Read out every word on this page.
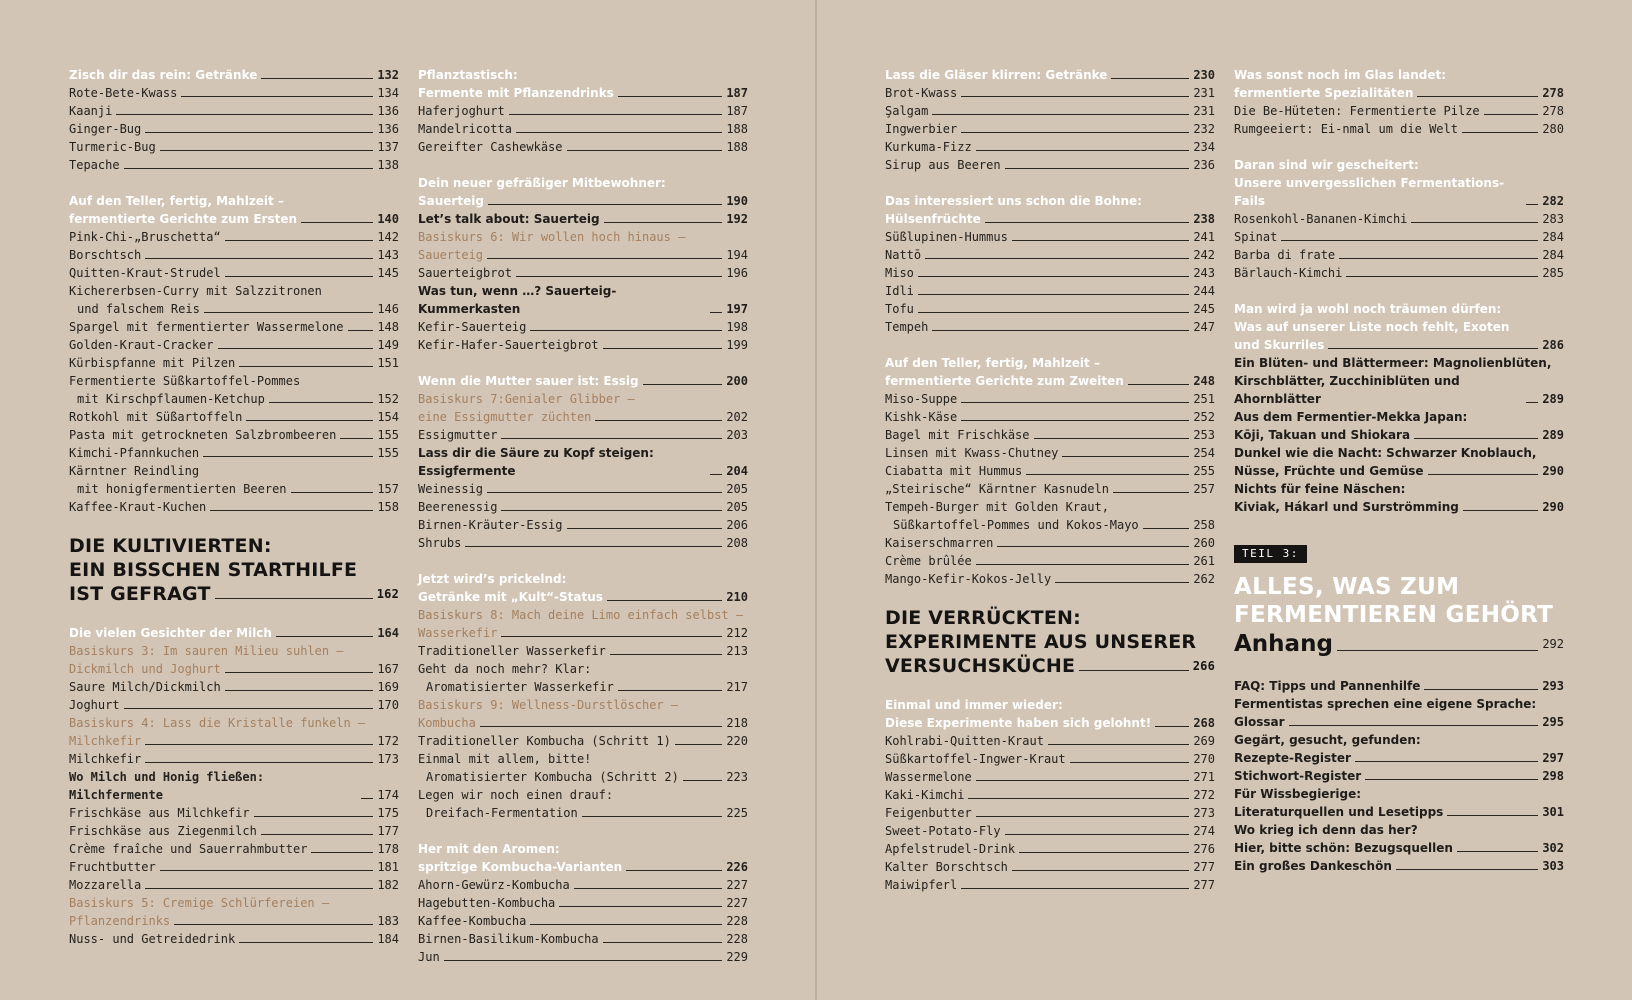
Zisch dir das rein: Getränke	132
Rote-Bete-Kwass	134
Kaanji	136
Ginger-Bug	136
Turmeric-Bug	137
Tepache	138
Auf den Teller, fertig, Mahlzeit –
fermentierte Gerichte zum Ersten	140
Pink-Chi-„Bruschetta“	142
Borschtsch	143
Quitten-Kraut-Strudel	145
Kichererbsen-Curry mit Salzzitronen
und falschem Reis	146
Spargel mit fermentierter Wassermelone	148
Golden-Kraut-Cracker	149
Kürbispfanne mit Pilzen	151
Fermentierte Süßkartoffel-Pommes
mit Kirschpflaumen-Ketchup	152
Rotkohl mit Süßartoffeln	154
Pasta mit getrockneten Salzbrombeeren	155
Kimchi-Pfannkuchen	155
Kärntner Reindling
mit honigfermentierten Beeren	157
Kaffee-Kraut-Kuchen	158
DIE KULTIVIERTEN:
EIN BISSCHEN STARTHILFE
IST GEFRAGT	162
Die vielen Gesichter der Milch	164
Basiskurs 3: Im sauren Milieu suhlen –
Dickmilch und Joghurt	167
Saure Milch/Dickmilch	169
Joghurt	170
Basiskurs 4: Lass die Kristalle funkeln –
Milchkefir	172
Milchkefir	173
Wo Milch und Honig fließen: Milchfermente	174
Frischkäse aus Milchkefir	175
Frischkäse aus Ziegenmilch	177
Crème fraîche und Sauerrahmbutter	178
Fruchtbutter	181
Mozzarella	182
Basiskurs 5: Cremige Schlürfereien –
Pflanzendrinks	183
Nuss- und Getreidedrink	184
Pflanztastisch:
Fermente mit Pflanzendrinks	187
Haferjoghurt	187
Mandelricotta	188
Gereifter Cashewkäse	188
Dein neuer gefräßiger Mitbewohner:
Sauerteig	190
Let’s talk about: Sauerteig	192
Basiskurs 6: Wir wollen hoch hinaus –
Sauerteig	194
Sauerteigbrot	196
Was tun, wenn …? Sauerteig-Kummerkasten	197
Kefir-Sauerteig	198
Kefir-Hafer-Sauerteigbrot	199
Wenn die Mutter sauer ist: Essig	200
Basiskurs 7:Genialer Glibber –
eine Essigmutter züchten	202
Essigmutter	203
Lass dir die Säure zu Kopf steigen: Essigfermente	204
Weinessig	205
Beerenessig	205
Birnen-Kräuter-Essig	206
Shrubs	208
Jetzt wird’s prickelnd:
Getränke mit „Kult“-Status	210
Basiskurs 8: Mach deine Limo einfach selbst –
Wasserkefir	212
Traditioneller Wasserkefir	213
Geht da noch mehr? Klar:
Aromatisierter Wasserkefir	217
Basiskurs 9: Wellness-Durstlöscher –
Kombucha	218
Traditioneller Kombucha (Schritt 1)	220
Einmal mit allem, bitte!
Aromatisierter Kombucha (Schritt 2)	223
Legen wir noch einen drauf:
Dreifach-Fermentation	225
Her mit den Aromen:
spritzige Kombucha-Varianten	226
Ahorn-Gewürz-Kombucha	227
Hagebutten-Kombucha	227
Kaffee-Kombucha	228
Birnen-Basilikum-Kombucha	228
Jun	229
Lass die Gläser klirren: Getränke	230
Brot-Kwass	231
Şalgam	231
Ingwerbier	232
Kurkuma-Fizz	234
Sirup aus Beeren	236
Das interessiert uns schon die Bohne:
Hülsenfrüchte	238
Süßlupinen-Hummus	241
Nattō	242
Miso	243
Idli	244
Tofu	245
Tempeh	247
Auf den Teller, fertig, Mahlzeit –
fermentierte Gerichte zum Zweiten	248
Miso-Suppe	251
Kishk-Käse	252
Bagel mit Frischkäse	253
Linsen mit Kwass-Chutney	254
Ciabatta mit Hummus	255
„Steirische“ Kärntner Kasnudeln	257
Tempeh-Burger mit Golden Kraut,
Süßkartoffel-Pommes und Kokos-Mayo	258
Kaiserschmarren	260
Crème brûlée	261
Mango-Kefir-Kokos-Jelly	262
DIE VERRÜCKTEN:
EXPERIMENTE AUS UNSERER
VERSUCHSKÜCHE	266
Einmal und immer wieder:
Diese Experimente haben sich gelohnt!	268
Kohlrabi-Quitten-Kraut	269
Süßkartoffel-Ingwer-Kraut	270
Wassermelone	271
Kaki-Kimchi	272
Feigenbutter	273
Sweet-Potato-Fly	274
Apfelstrudel-Drink	276
Kalter Borschtsch	277
Maiwipferl	277
Was sonst noch im Glas landet:
fermentierte Spezialitäten	278
Die Be-Hüteten: Fermentierte Pilze	278
Rumgeeiert: Ei-nmal um die Welt	280
Daran sind wir gescheitert:
Unsere unvergesslichen Fermentations-Fails	282
Rosenkohl-Bananen-Kimchi	283
Spinat	284
Barba di frate	284
Bärlauch-Kimchi	285
Man wird ja wohl noch träumen dürfen:
Was auf unserer Liste noch fehlt, Exoten
und Skurriles	286
Ein Blüten- und Blättermeer: Magnolienblüten,
Kirschblätter, Zucchiniblüten und Ahornblätter	289
Aus dem Fermentier-Mekka Japan:
Kōji, Takuan und Shiokara	289
Dunkel wie die Nacht: Schwarzer Knoblauch,
Nüsse, Früchte und Gemüse	290
Nichts für feine Näschen:
Kiviak, Hákarl und Surströmming	290
TEIL 3:
ALLES, WAS ZUM
FERMENTIEREN GEHÖRT
Anhang	292
FAQ: Tipps und Pannenhilfe	293
Fermentistas sprechen eine eigene Sprache:
Glossar	295
Gegärt, gesucht, gefunden:
Rezepte-Register	297
Stichwort-Register	298
Für Wissbegierige:
Literaturquellen und Lesetipps	301
Wo krieg ich denn das her?
Hier, bitte schön: Bezugsquellen	302
Ein großes Dankeschön	303
